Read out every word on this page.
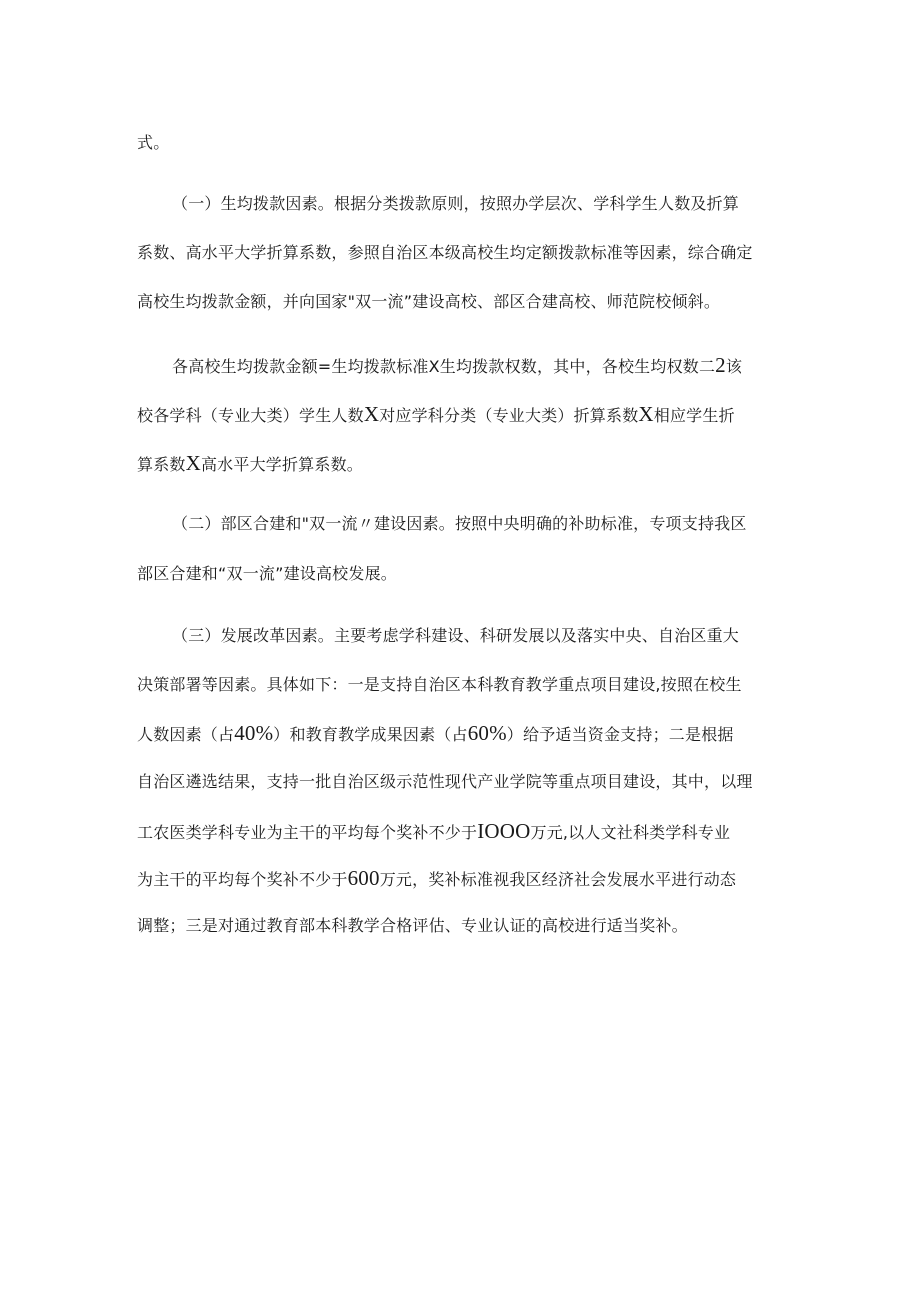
式。
（一）生均拨款因素。根据分类拨款原则，按照办学层次、学科学生人数及折算
系数、高水平大学折算系数，参照自治区本级高校生均定额拨款标准等因素，综合确定
高校生均拨款金额，并向国家"双一流”建设高校、部区合建高校、师范院校倾斜。
各高校生均拨款金额=生均拨款标准X生均拨款权数，其中，各校生均权数二2该
校各学科（专业大类）学生人数X对应学科分类（专业大类）折算系数X相应学生折
算系数X高水平大学折算系数。
（二）部区合建和"双一流〃建设因素。按照中央明确的补助标准，专项支持我区
部区合建和“双一流”建设高校发展。
（三）发展改革因素。主要考虑学科建设、科研发展以及落实中央、自治区重大
决策部署等因素。具体如下：一是支持自治区本科教育教学重点项目建设,按照在校生
人数因素（占40%）和教育教学成果因素（占60%）给予适当资金支持；二是根据
自治区遴选结果，支持一批自治区级示范性现代产业学院等重点项目建设，其中，以理
工农医类学科专业为主干的平均每个奖补不少于IOOO万元,以人文社科类学科专业
为主干的平均每个奖补不少于600万元，奖补标准视我区经济社会发展水平进行动态
调整；三是对通过教育部本科教学合格评估、专业认证的高校进行适当奖补。
